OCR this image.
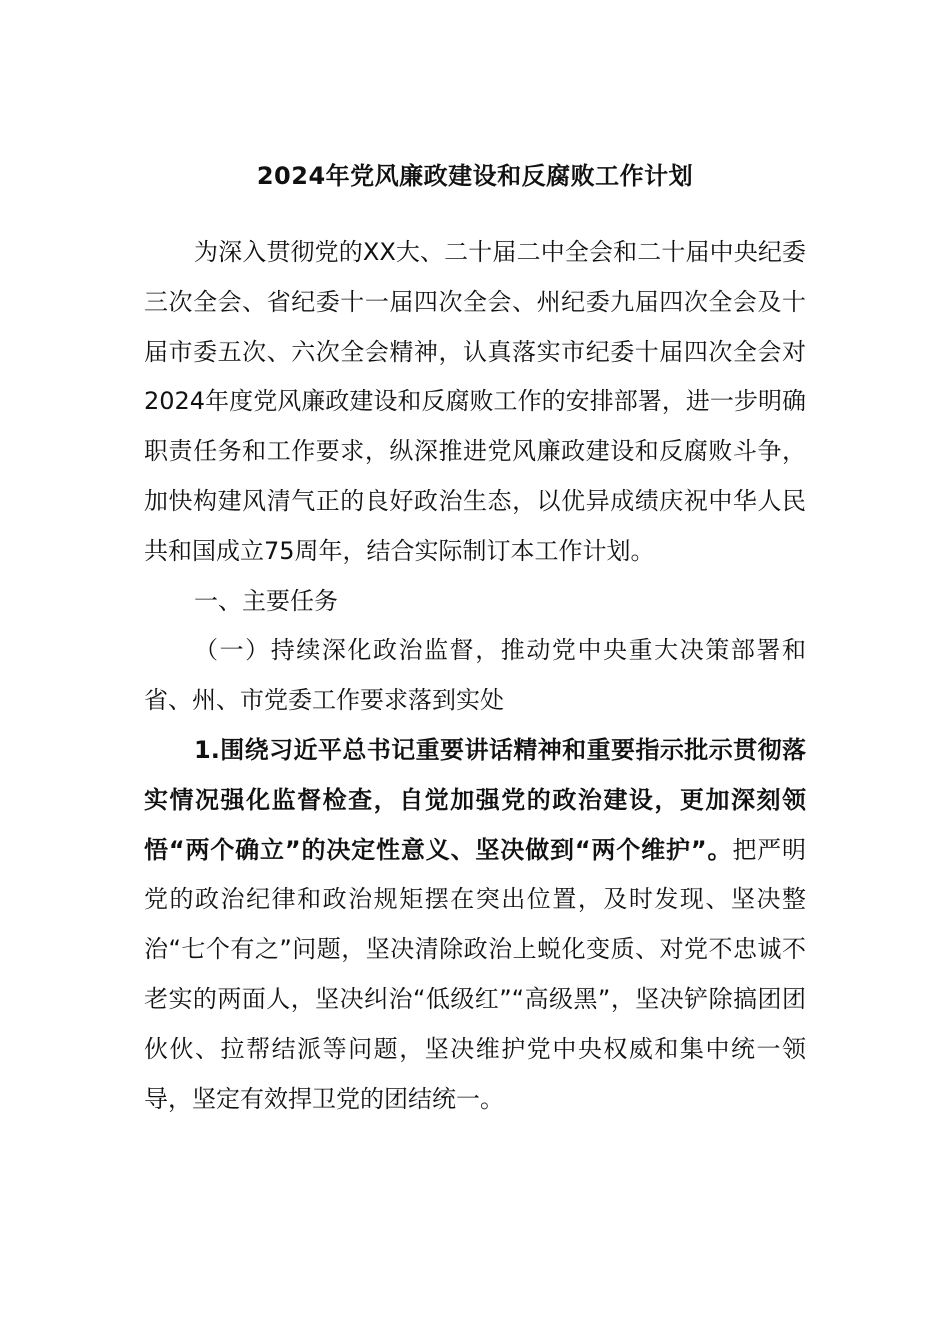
2024年党风廉政建设和反腐败工作计划

为深入贯彻党的XX大、二十届二中全会和二十届中央纪委三次全会、省纪委十一届四次全会、州纪委九届四次全会及十届市委五次、六次全会精神，认真落实市纪委十届四次全会对2024年度党风廉政建设和反腐败工作的安排部署，进一步明确职责任务和工作要求，纵深推进党风廉政建设和反腐败斗争，加快构建风清气正的良好政治生态，以优异成绩庆祝中华人民共和国成立75周年，结合实际制订本工作计划。

一、主要任务

（一）持续深化政治监督，推动党中央重大决策部署和省、州、市党委工作要求落到实处

1.围绕习近平总书记重要讲话精神和重要指示批示贯彻落实情况强化监督检查，自觉加强党的政治建设，更加深刻领悟“两个确立”的决定性意义、坚决做到“两个维护”。把严明党的政治纪律和政治规矩摆在突出位置，及时发现、坚决整治“七个有之”问题，坚决清除政治上蜕化变质、对党不忠诚不老实的两面人，坚决纠治“低级红”“高级黑”，坚决铲除搞团团伙伙、拉帮结派等问题，坚决维护党中央权威和集中统一领导，坚定有效捍卫党的团结统一。
